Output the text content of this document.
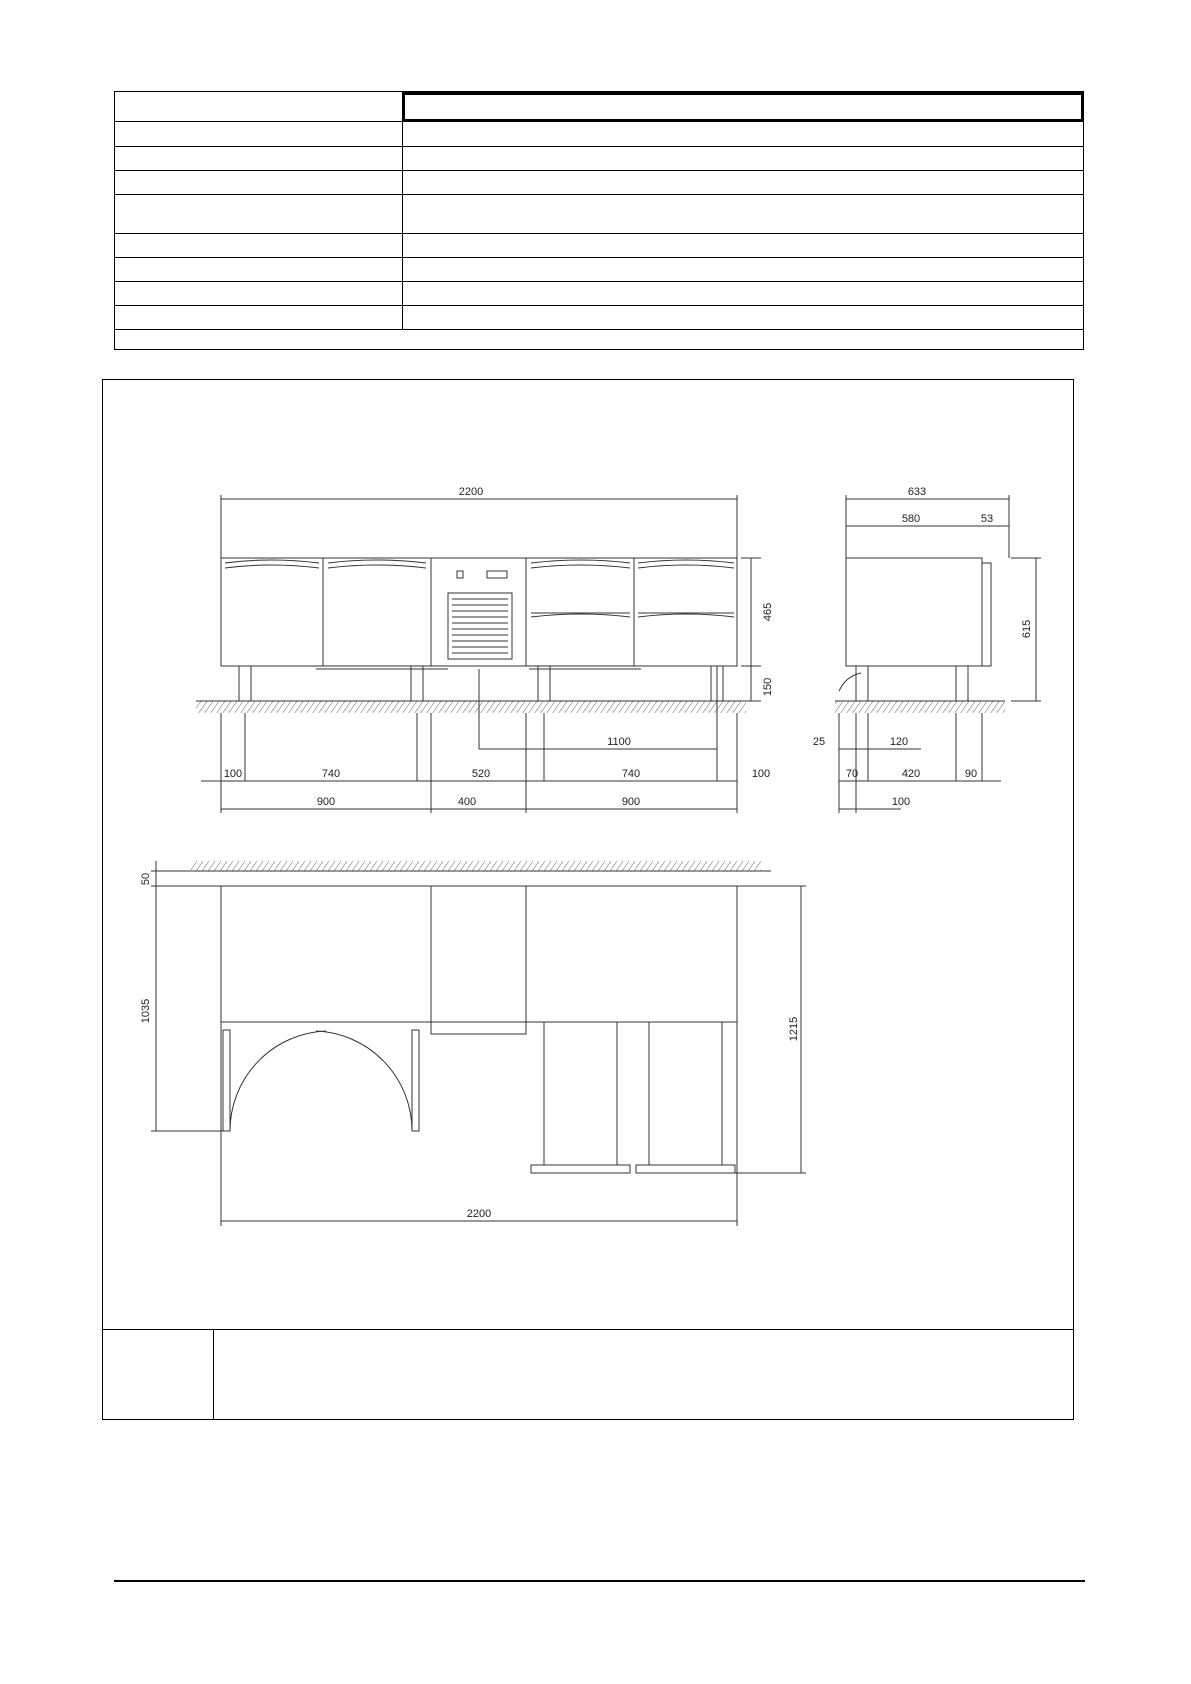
2200
465
150
1100
100	740	520	740	100
900	400	900
633
580	53
615
25	120
70	420	90
100
50
1035
1215
2200
